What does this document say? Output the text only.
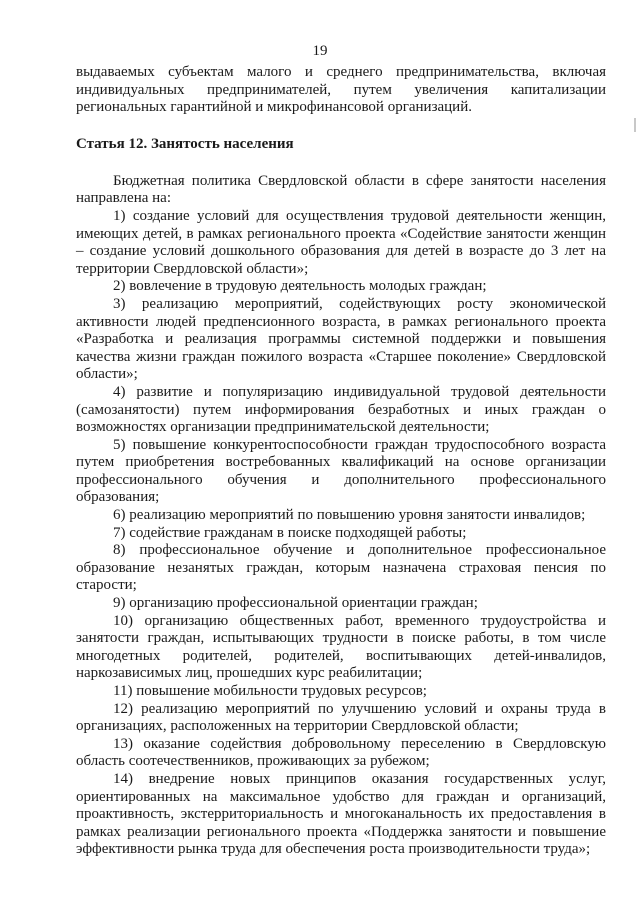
19

выдаваемых субъектам малого и среднего предпринимательства, включая индивидуальных предпринимателей, путем увеличения капитализации региональных гарантийной и микрофинансовой организаций.

Статья 12. Занятость населения

Бюджетная политика Свердловской области в сфере занятости населения направлена на:

1) создание условий для осуществления трудовой деятельности женщин, имеющих детей, в рамках регионального проекта «Содействие занятости женщин – создание условий дошкольного образования для детей в возрасте до 3 лет на территории Свердловской области»;

2) вовлечение в трудовую деятельность молодых граждан;

3) реализацию мероприятий, содействующих росту экономической активности людей предпенсионного возраста, в рамках регионального проекта «Разработка и реализация программы системной поддержки и повышения качества жизни граждан пожилого возраста «Старшее поколение» Свердловской области»;

4) развитие и популяризацию индивидуальной трудовой деятельности (самозанятости) путем информирования безработных и иных граждан о возможностях организации предпринимательской деятельности;

5) повышение конкурентоспособности граждан трудоспособного возраста путем приобретения востребованных квалификаций на основе организации профессионального обучения и дополнительного профессионального образования;

6) реализацию мероприятий по повышению уровня занятости инвалидов;

7) содействие гражданам в поиске подходящей работы;

8) профессиональное обучение и дополнительное профессиональное образование незанятых граждан, которым назначена страховая пенсия по старости;

9) организацию профессиональной ориентации граждан;

10) организацию общественных работ, временного трудоустройства и занятости граждан, испытывающих трудности в поиске работы, в том числе многодетных родителей, родителей, воспитывающих детей-инвалидов, наркозависимых лиц, прошедших курс реабилитации;

11) повышение мобильности трудовых ресурсов;

12) реализацию мероприятий по улучшению условий и охраны труда в организациях, расположенных на территории Свердловской области;

13) оказание содействия добровольному переселению в Свердловскую область соотечественников, проживающих за рубежом;

14) внедрение новых принципов оказания государственных услуг, ориентированных на максимальное удобство для граждан и организаций, проактивность, экстерриториальность и многоканальность их предоставления в рамках реализации регионального проекта «Поддержка занятости и повышение эффективности рынка труда для обеспечения роста производительности труда»;
